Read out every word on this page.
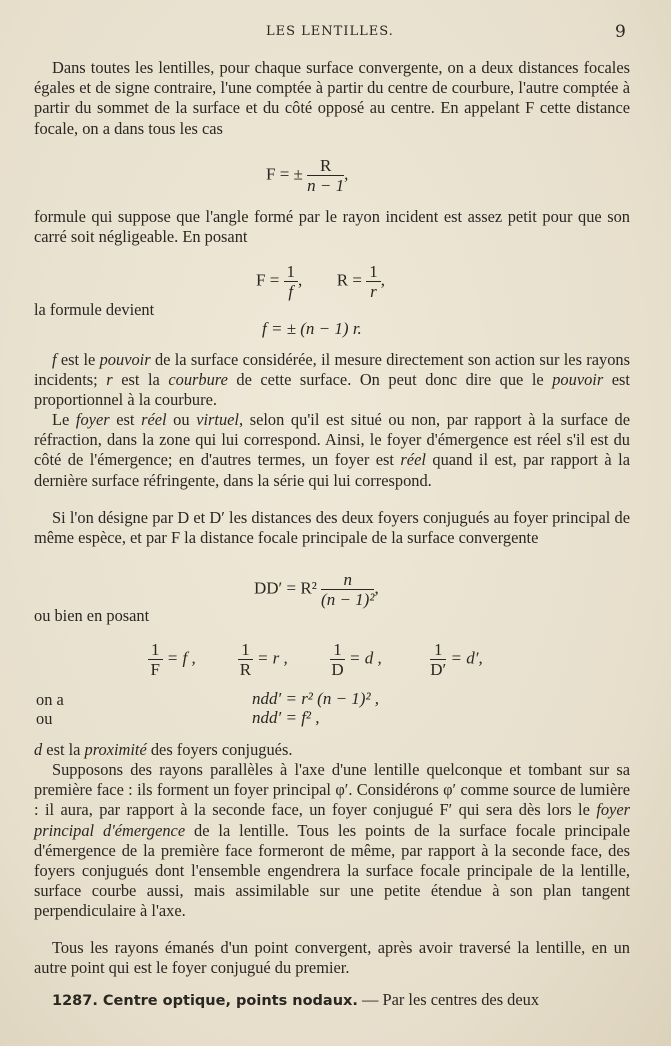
LES LENTILLES.	9

Dans toutes les lentilles, pour chaque surface convergente, on a deux distances focales égales et de signe contraire, l'une comptée à partir du centre de courbure, l'autre comptée à partir du sommet de la surface et du côté opposé au centre. En appelant F cette distance focale, on a dans tous les cas

F = ± $\frac{R}{n - 1}$ ,

formule qui suppose que l'angle formé par le rayon incident est assez petit pour que son carré soit négligeable. En posant

$F = \frac{1}{f}$ , $R = \frac{1}{r}$ ,
la formule devient
f = ± (n − 1) r.

f est le pouvoir de la surface considérée, il mesure directement son action sur les rayons incidents; r est la courbure de cette surface. On peut donc dire que le pouvoir est proportionnel à la courbure.

Le foyer est réel ou virtuel, selon qu'il est situé ou non, par rapport à la surface de réfraction, dans la zone qui lui correspond. Ainsi, le foyer d'émergence est réel s'il est du côté de l'émergence; en d'autres termes, un foyer est réel quand il est, par rapport à la dernière surface réfringente, dans la série qui lui correspond.

Si l'on désigne par D et D′ les distances des deux foyers conjugués au foyer principal de même espèce, et par F la distance focale principale de la surface convergente

$DD' = R^2 \frac{n}{\text{(n − 1)²}}$ ,
ou bien en posant
$\frac{1}{F} = f$ ,	$\frac{1}{R} = r$ ,	$\frac{1}{D} = d$ ,	$\frac{1}{D'} = d'$,
on a	ndd′ = r² (n − 1)² ,
ou	ndd′ = f² ,

d est la proximité des foyers conjugués.

Supposons des rayons parallèles à l'axe d'une lentille quelconque et tombant sur sa première face : ils forment un foyer principal φ′. Considérons φ′ comme source de lumière : il aura, par rapport à la seconde face, un foyer conjugué F′ qui sera dès lors le foyer principal d'émergence de la lentille. Tous les points de la surface focale principale d'émergence de la première face formeront de même, par rapport à la seconde face, des foyers conjugués dont l'ensemble engendrera la surface focale principale de la lentille, surface courbe aussi, mais assimilable sur une petite étendue à son plan tangent perpendiculaire à l'axe.

Tous les rayons émanés d'un point convergent, après avoir traversé la lentille, en un autre point qui est le foyer conjugué du premier.

1287. Centre optique, points nodaux. — Par les centres des deux
